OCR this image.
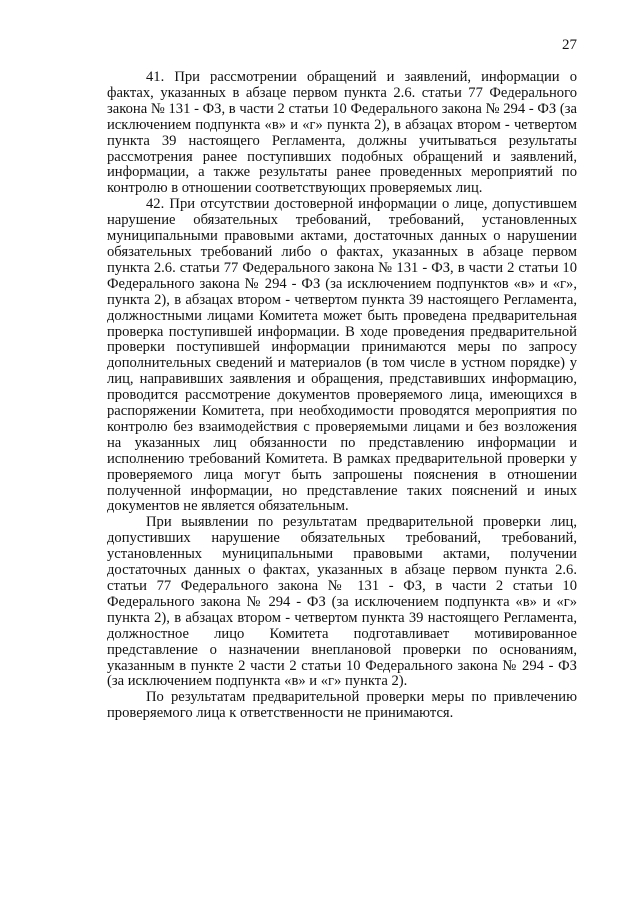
27

41. При рассмотрении обращений и заявлений, информации о фактах, указанных в абзаце первом пункта 2.6. статьи 77 Федерального закона № 131 - ФЗ, в части 2 статьи 10 Федерального закона № 294 - ФЗ (за исключением подпункта «в» и «г» пункта 2), в абзацах втором - четвертом пункта 39 настоящего Регламента, должны учитываться результаты рассмотрения ранее поступивших подобных обращений и заявлений, информации, а также результаты ранее проведенных мероприятий по контролю в отношении соответствующих проверяемых лиц.

42. При отсутствии достоверной информации о лице, допустившем нарушение обязательных требований, требований, установленных муниципальными правовыми актами, достаточных данных о нарушении обязательных требований либо о фактах, указанных в абзаце первом пункта 2.6. статьи 77 Федерального закона № 131 - ФЗ, в части 2 статьи 10 Федерального закона № 294 - ФЗ (за исключением подпунктов «в» и «г», пункта 2), в абзацах втором - четвертом пункта 39 настоящего Регламента, должностными лицами Комитета может быть проведена предварительная проверка поступившей информации. В ходе проведения предварительной проверки поступившей информации принимаются меры по запросу дополнительных сведений и материалов (в том числе в устном порядке) у лиц, направивших заявления и обращения, представивших информацию, проводится рассмотрение документов проверяемого лица, имеющихся в распоряжении Комитета, при необходимости проводятся мероприятия по контролю без взаимодействия с проверяемыми лицами и без возложения на указанных лиц обязанности по представлению информации и исполнению требований Комитета. В рамках предварительной проверки у проверяемого лица могут быть запрошены пояснения в отношении полученной информации, но представление таких пояснений и иных документов не является обязательным.

При выявлении по результатам предварительной проверки лиц, допустивших нарушение обязательных требований, требований, установленных муниципальными правовыми актами, получении достаточных данных о фактах, указанных в абзаце первом пункта 2.6. статьи 77 Федерального закона № 131 - ФЗ, в части 2 статьи 10 Федерального закона № 294 - ФЗ (за исключением подпункта «в» и «г» пункта 2), в абзацах втором - четвертом пункта 39 настоящего Регламента, должностное лицо Комитета подготавливает мотивированное представление о назначении внеплановой проверки по основаниям, указанным в пункте 2 части 2 статьи 10 Федерального закона № 294 - ФЗ (за исключением подпункта «в» и «г» пункта 2).

По результатам предварительной проверки меры по привлечению проверяемого лица к ответственности не принимаются.
